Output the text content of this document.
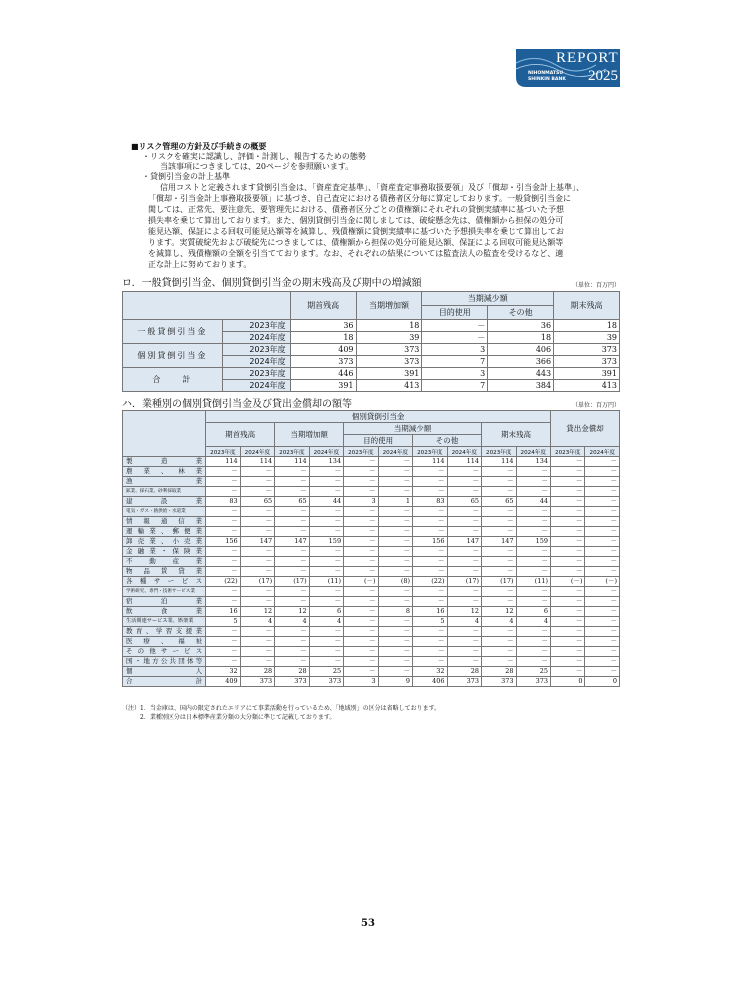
REPORT
2025
NIHONMATSU
SHINKIN BANK
■リスク管理の方針及び手続きの概要
・リスクを確実に認識し、評価・計測し、報告するための態勢
当該事項につきましては、20ページを参照願います。
・貸倒引当金の計上基準
信用コストと定義されます貸倒引当金は、「資産査定基準」、「資産査定事務取扱要領」及び「償却・引当金計上基準」、
「償却・引当金計上事務取扱要領」に基づき、自己査定における債務者区分毎に算定しております。一般貸倒引当金に
関しては、正常先、要注意先、要管理先における、債務者区分ごとの債権額にそれぞれの貸倒実績率に基づいた予想
損失率を乗じて算出しております。また、個別貸倒引当金に関しましては、破綻懸念先は、債権額から担保の処分可
能見込額、保証による回収可能見込額等を減算し、残債権額に貸倒実績率に基づいた予想損失率を乗じて算出してお
ります。実質破綻先および破綻先につきましては、債権額から担保の処分可能見込額、保証による回収可能見込額等
を減算し、残債権額の全額を引当てております。なお、それぞれの結果については監査法人の監査を受けるなど、適
正な計上に努めております。
ロ．一般貸倒引当金、個別貸倒引当金の期末残高及び期中の増減額	（単位：百万円）
		期首残高	当期増加額	当期減少額		期末残高
				目的使用	その他	
一般貸倒引当金	2023年度	36	18	－	36	18
	2024年度	18	39	－	18	39
個別貸倒引当金	2023年度	409	373	3	406	373
	2024年度	373	373	7	366	373
合　　計	2023年度	446	391	3	443	391
	2024年度	391	413	7	384	413
ハ．業種別の個別貸倒引当金及び貸出金償却の額等	（単位：百万円）
	個別貸倒引当金										貸出金償却	
	期首残高		当期増加額		当期減少額				期末残高			
					目的使用		その他					
	2023年度	2024年度	2023年度	2024年度	2023年度	2024年度	2023年度	2024年度	2023年度	2024年度	2023年度	2024年度
製造業	114	114	114	134	－	－	114	114	114	134	－	－
農業、林業	－	－	－	－	－	－	－	－	－	－	－	－
漁業	－	－	－	－	－	－	－	－	－	－	－	－
鉱業、採石業、砂利採取業	－	－	－	－	－	－	－	－	－	－	－	－
建設業	83	65	65	44	3	1	83	65	65	44	－	－
電気・ガス・熱供給・水道業	－	－	－	－	－	－	－	－	－	－	－	－
情報通信業	－	－	－	－	－	－	－	－	－	－	－	－
運輸業、郵便業	－	－	－	－	－	－	－	－	－	－	－	－
卸売業、小売業	156	147	147	159	－	－	156	147	147	159	－	－
金融業・保険業	－	－	－	－	－	－	－	－	－	－	－	－
不動産業	－	－	－	－	－	－	－	－	－	－	－	－
物品賃貸業	－	－	－	－	－	－	－	－	－	－	－	－
各種サービス	(22)	(17)	(17)	(11)	(－)	(8)	(22)	(17)	(17)	(11)	(－)	(－)
学術研究、専門・技術サービス業	－	－	－	－	－	－	－	－	－	－	－	－
宿泊業	－	－	－	－	－	－	－	－	－	－	－	－
飲食業	16	12	12	6	－	8	16	12	12	6	－	－
生活関連サービス業、娯楽業	5	4	4	4	－	－	5	4	4	4	－	－
教育、学習支援業	－	－	－	－	－	－	－	－	－	－	－	－
医療、福祉	－	－	－	－	－	－	－	－	－	－	－	－
その他サービス	－	－	－	－	－	－	－	－	－	－	－	－
国・地方公共団体等	－	－	－	－	－	－	－	－	－	－	－	－
個人	32	28	28	25	－	－	32	28	28	25	－	－
合計	409	373	373	373	3	9	406	373	373	373	0	0
（注）1．当金庫は、国内の限定されたエリアにて事業活動を行っているため、「地域別」の区分は省略しております。
　　　2．業種別区分は日本標準産業分類の大分類に準じて記載しております。
53
